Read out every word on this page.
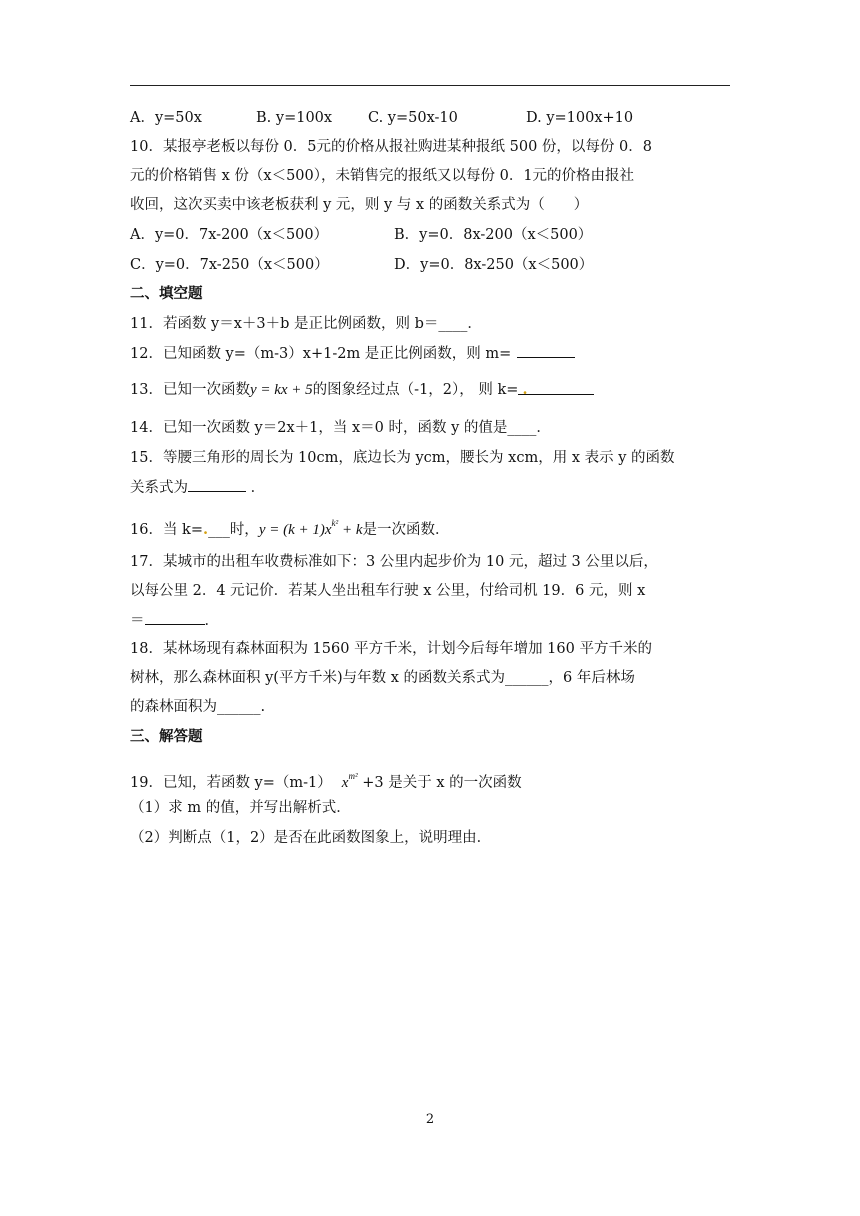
A．y=50x	B. y=100x C. y=50x-10	D. y=100x+10
10．某报亭老板以每份 0．5元的价格从报社购进某种报纸 500 份，以每份 0．8
元的价格销售 x 份（x＜500），未销售完的报纸又以每份 0．1元的价格由报社
收回，这次买卖中该老板获利 y 元，则 y 与 x 的函数关系式为（　　）
A．y=0．7x-200（x＜500）	B．y=0．8x-200（x＜500）
C．y=0．7x-250（x＜500）	D．y=0．8x-250（x＜500）
二、填空题
11．若函数 y＝x＋3＋b 是正比例函数，则 b＝____．
12．已知函数 y=（m-3）x+1-2m 是正比例函数，则 m=
13．已知一次函数y = kx + 5的图象经过点（-1，2）， 则 k= .
14．已知一次函数 y＝2x＋1，当 x＝0 时，函数 y 的值是____．
15．等腰三角形的周长为 10cm，底边长为 ycm，腰长为 xcm，用 x 表示 y 的函数
关系式为	．
16．当 k=.___时，$y = (k + 1)x^{k^2} + k$是一次函数．
17．某城市的出租车收费标准如下：3 公里内起步价为 10 元，超过 3 公里以后，
以每公里 2．4 元记价．若某人坐出租车行驶 x 公里，付给司机 19．6 元，则 x
＝	．
18．某林场现有森林面积为 1560 平方千米，计划今后每年增加 160 平方千米的
树林，那么森林面积 y(平方千米)与年数 x 的函数关系式为______，6 年后林场
的森林面积为______.
三、解答题
19．已知，若函数 y=（m-1） $x^{m^2} +3$ 是关于 x 的一次函数
（1）求 m 的值，并写出解析式．
（2）判断点（1，2）是否在此函数图象上，说明理由．
2
